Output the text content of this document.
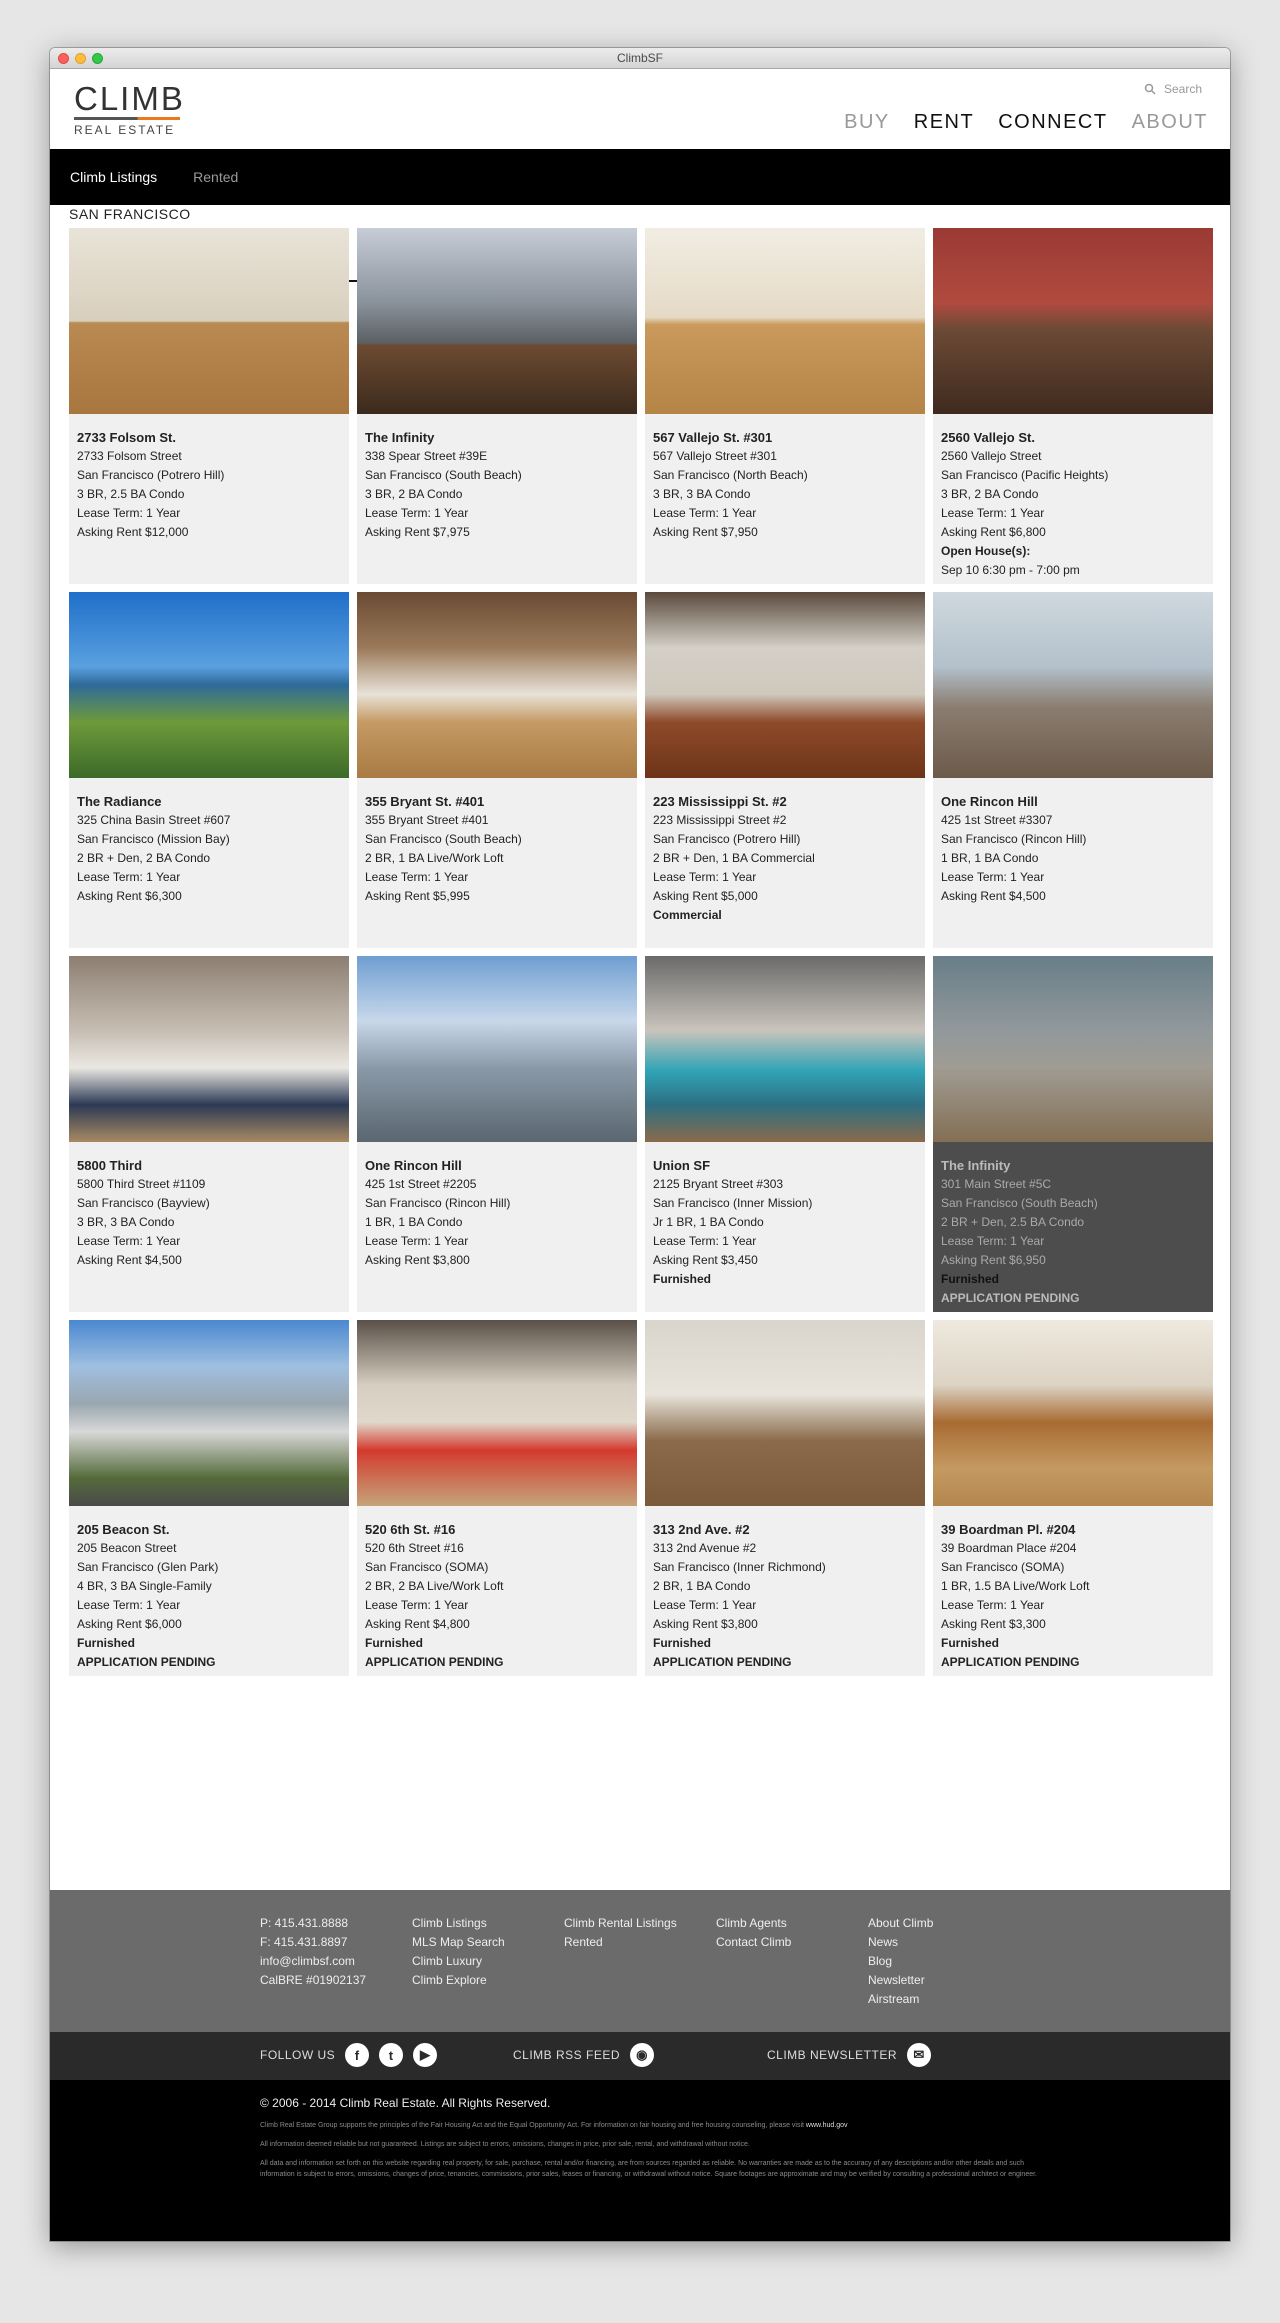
ClimbSF
CLIMB
REAL ESTATE
Search
BUY RENT CONNECT ABOUT
Climb Listings	Rented
SAN FRANCISCO
2733 Folsom St.
2733 Folsom Street
San Francisco (Potrero Hill)
3 BR, 2.5 BA Condo
Lease Term: 1 Year
Asking Rent $12,000
The Infinity
338 Spear Street #39E
San Francisco (South Beach)
3 BR, 2 BA Condo
Lease Term: 1 Year
Asking Rent $7,975
567 Vallejo St. #301
567 Vallejo Street #301
San Francisco (North Beach)
3 BR, 3 BA Condo
Lease Term: 1 Year
Asking Rent $7,950
2560 Vallejo St.
2560 Vallejo Street
San Francisco (Pacific Heights)
3 BR, 2 BA Condo
Lease Term: 1 Year
Asking Rent $6,800
Open House(s):
Sep 10 6:30 pm - 7:00 pm
The Radiance
325 China Basin Street #607
San Francisco (Mission Bay)
2 BR + Den, 2 BA Condo
Lease Term: 1 Year
Asking Rent $6,300
355 Bryant St. #401
355 Bryant Street #401
San Francisco (South Beach)
2 BR, 1 BA Live/Work Loft
Lease Term: 1 Year
Asking Rent $5,995
223 Mississippi St. #2
223 Mississippi Street #2
San Francisco (Potrero Hill)
2 BR + Den, 1 BA Commercial
Lease Term: 1 Year
Asking Rent $5,000
Commercial
One Rincon Hill
425 1st Street #3307
San Francisco (Rincon Hill)
1 BR, 1 BA Condo
Lease Term: 1 Year
Asking Rent $4,500
5800 Third
5800 Third Street #1109
San Francisco (Bayview)
3 BR, 3 BA Condo
Lease Term: 1 Year
Asking Rent $4,500
One Rincon Hill
425 1st Street #2205
San Francisco (Rincon Hill)
1 BR, 1 BA Condo
Lease Term: 1 Year
Asking Rent $3,800
Union SF
2125 Bryant Street #303
San Francisco (Inner Mission)
Jr 1 BR, 1 BA Condo
Lease Term: 1 Year
Asking Rent $3,450
Furnished
The Infinity
301 Main Street #5C
San Francisco (South Beach)
2 BR + Den, 2.5 BA Condo
Lease Term: 1 Year
Asking Rent $6,950
Furnished
APPLICATION PENDING
205 Beacon St.
205 Beacon Street
San Francisco (Glen Park)
4 BR, 3 BA Single-Family
Lease Term: 1 Year
Asking Rent $6,000
Furnished
APPLICATION PENDING
520 6th St. #16
520 6th Street #16
San Francisco (SOMA)
2 BR, 2 BA Live/Work Loft
Lease Term: 1 Year
Asking Rent $4,800
Furnished
APPLICATION PENDING
313 2nd Ave. #2
313 2nd Avenue #2
San Francisco (Inner Richmond)
2 BR, 1 BA Condo
Lease Term: 1 Year
Asking Rent $3,800
Furnished
APPLICATION PENDING
39 Boardman Pl. #204
39 Boardman Place #204
San Francisco (SOMA)
1 BR, 1.5 BA Live/Work Loft
Lease Term: 1 Year
Asking Rent $3,300
Furnished
APPLICATION PENDING
P: 415.431.8888
F: 415.431.8897
info@climbsf.com
CalBRE #01902137
Climb Listings
MLS Map Search
Climb Luxury
Climb Explore
Climb Rental Listings
Rented
Climb Agents
Contact Climb
About Climb
News
Blog
Newsletter
Airstream
FOLLOW US	f	t	▶	CLIMB RSS FEED	◉	CLIMB NEWSLETTER	✉
© 2006 - 2014 Climb Real Estate. All Rights Reserved.

Climb Real Estate Group supports the principles of the Fair Housing Act and the Equal Opportunity Act. For information on fair housing and free housing counseling, please visit www.hud.gov

All information deemed reliable but not guaranteed. Listings are subject to errors, omissions, changes in price, prior sale, rental, and withdrawal without notice.

All data and information set forth on this website regarding real property, for sale, purchase, rental and/or financing, are from sources regarded as reliable. No warranties are made as to the accuracy of any descriptions and/or other details and such information is subject to errors, omissions, changes of price, tenancies, commissions, prior sales, leases or financing, or withdrawal without notice. Square footages are approximate and may be verified by consulting a professional architect or engineer.
